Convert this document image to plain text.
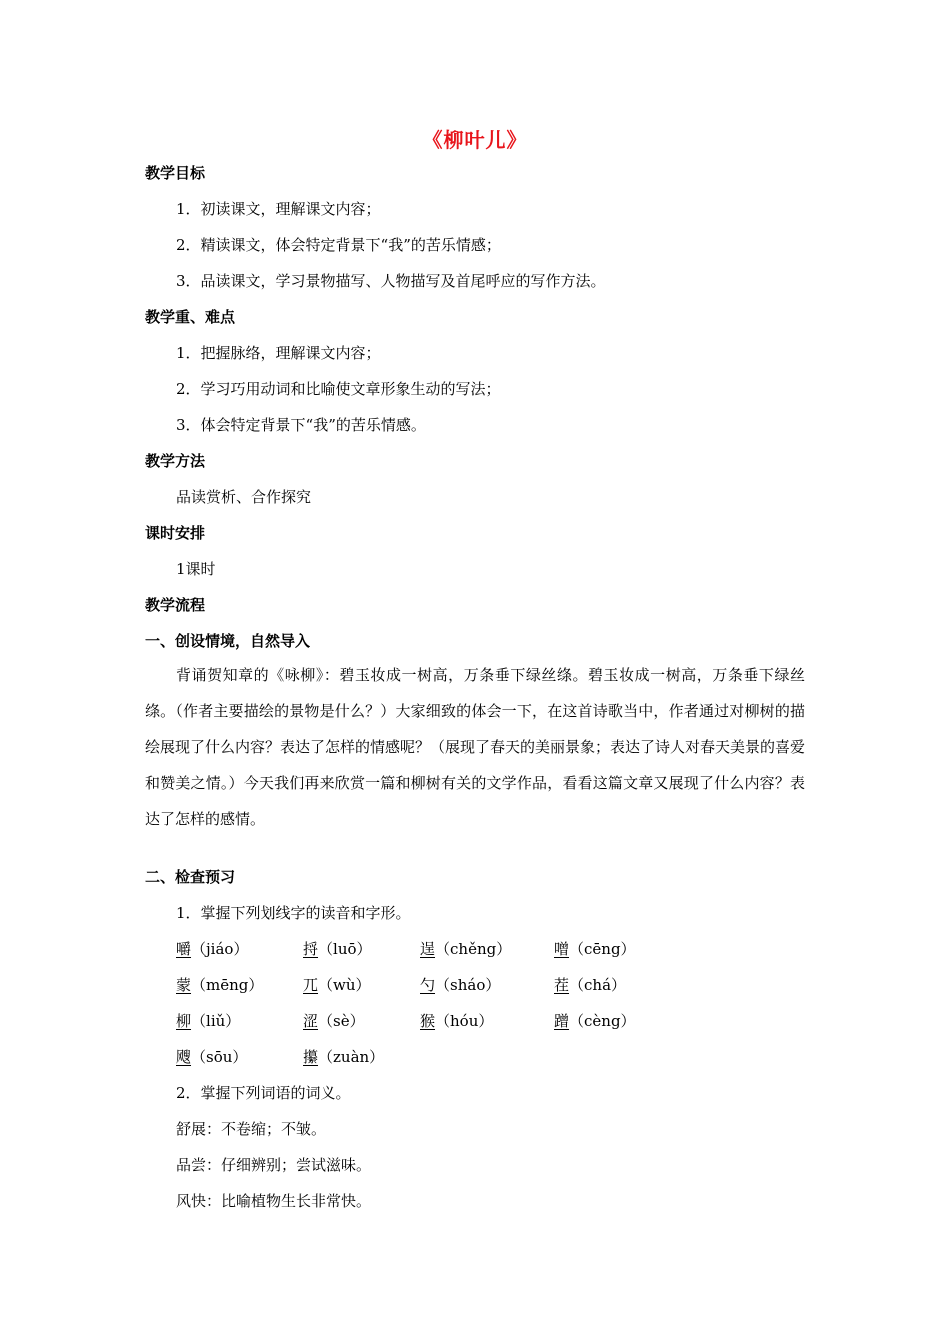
《柳叶儿》
教学目标
1．初读课文，理解课文内容；
2．精读课文，体会特定背景下“我”的苦乐情感；
3．品读课文，学习景物描写、人物描写及首尾呼应的写作方法。
教学重、难点
1．把握脉络，理解课文内容；
2．学习巧用动词和比喻使文章形象生动的写法；
3．体会特定背景下“我”的苦乐情感。
教学方法
品读赏析、合作探究
课时安排
1课时
教学流程
一、创设情境，自然导入
背诵贺知章的《咏柳》：碧玉妆成一树高，万条垂下绿丝绦。碧玉妆成一树高，万条垂下绿丝绦。（作者主要描绘的景物是什么？）大家细致的体会一下，在这首诗歌当中，作者通过对柳树的描绘展现了什么内容？表达了怎样的情感呢？（展现了春天的美丽景象；表达了诗人对春天美景的喜爱和赞美之情。）今天我们再来欣赏一篇和柳树有关的文学作品，看看这篇文章又展现了什么内容？表达了怎样的感情。
二、检查预习
1．掌握下列划线字的读音和字形。
嚼（jiáo）	捋（luō）	逞（chěng）	噌（cēng）
蒙（mēng）	兀（wù）	勺（sháo）	茬（chá）
柳（liǔ）	涩（sè）	猴（hóu）	蹭（cèng）
飕（sōu）	攥（zuàn）
2．掌握下列词语的词义。
舒展：不卷缩；不皱。
品尝：仔细辨别；尝试滋味。
风快：比喻植物生长非常快。
